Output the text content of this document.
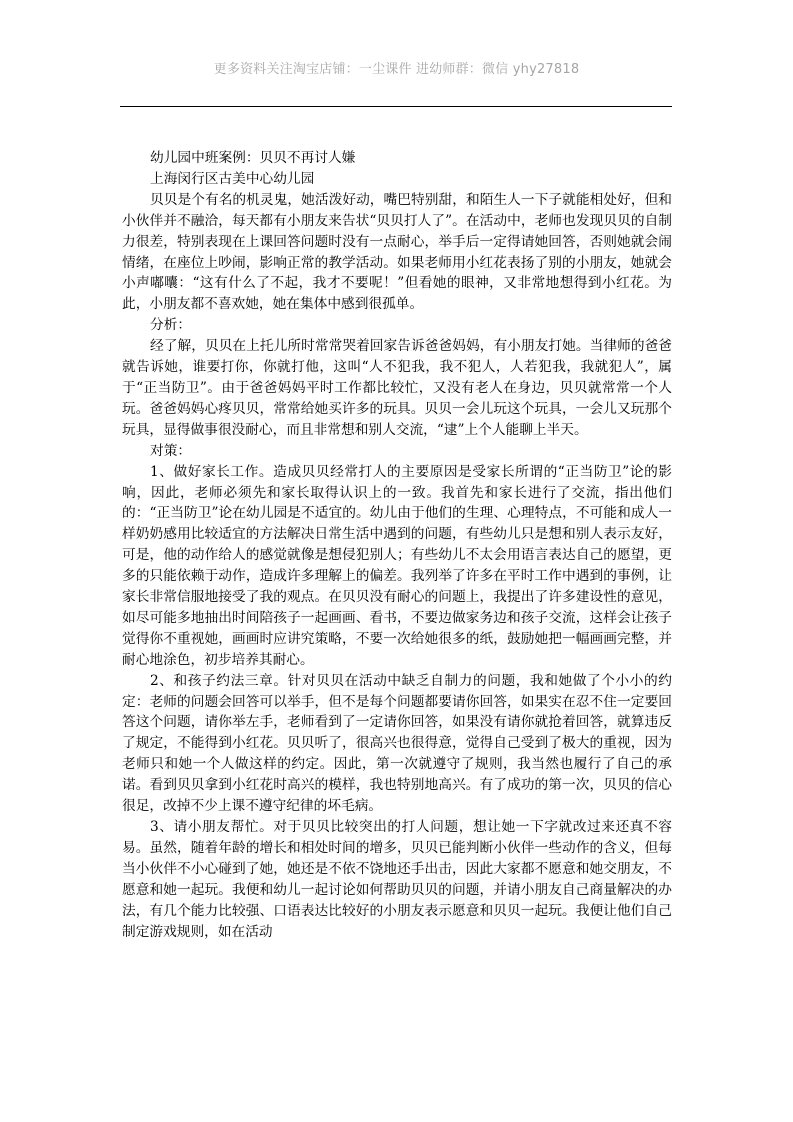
更多资料关注淘宝店铺：一尘课件 进幼师群：微信 yhy27818

幼儿园中班案例：贝贝不再讨人嫌

上海闵行区古美中心幼儿园

贝贝是个有名的机灵鬼，她活泼好动，嘴巴特别甜，和陌生人一下子就能相处好，但和小伙伴并不融洽，每天都有小朋友来告状“贝贝打人了”。在活动中，老师也发现贝贝的自制力很差，特别表现在上课回答问题时没有一点耐心，举手后一定得请她回答，否则她就会闹情绪，在座位上吵闹，影响正常的教学活动。如果老师用小红花表扬了别的小朋友，她就会小声嘟囔：“这有什么了不起，我才不要呢！”但看她的眼神，又非常地想得到小红花。为此，小朋友都不喜欢她，她在集体中感到很孤单。

分析：

经了解，贝贝在上托儿所时常常哭着回家告诉爸爸妈妈，有小朋友打她。当律师的爸爸就告诉她，谁要打你，你就打他，这叫“人不犯我，我不犯人，人若犯我，我就犯人”，属于“正当防卫”。由于爸爸妈妈平时工作都比较忙，又没有老人在身边，贝贝就常常一个人玩。爸爸妈妈心疼贝贝，常常给她买许多的玩具。贝贝一会儿玩这个玩具，一会儿又玩那个玩具，显得做事很没耐心，而且非常想和别人交流，“逮”上个人能聊上半天。

对策：

1、做好家长工作。造成贝贝经常打人的主要原因是受家长所谓的“正当防卫”论的影响，因此，老师必须先和家长取得认识上的一致。我首先和家长进行了交流，指出他们的：“正当防卫”论在幼儿园是不适宜的。幼儿由于他们的生理、心理特点，不可能和成人一样奶奶感用比较适宜的方法解决日常生活中遇到的问题，有些幼儿只是想和别人表示友好，可是，他的动作给人的感觉就像是想侵犯别人；有些幼儿不太会用语言表达自己的愿望，更多的只能依赖于动作，造成许多理解上的偏差。我列举了许多在平时工作中遇到的事例，让家长非常信服地接受了我的观点。在贝贝没有耐心的问题上，我提出了许多建设性的意见，如尽可能多地抽出时间陪孩子一起画画、看书，不要边做家务边和孩子交流，这样会让孩子觉得你不重视她，画画时应讲究策略，不要一次给她很多的纸，鼓励她把一幅画画完整，并耐心地涂色，初步培养其耐心。

2、和孩子约法三章。针对贝贝在活动中缺乏自制力的问题，我和她做了个小小的约定：老师的问题会回答可以举手，但不是每个问题都要请你回答，如果实在忍不住一定要回答这个问题，请你举左手，老师看到了一定请你回答，如果没有请你就抢着回答，就算违反了规定，不能得到小红花。贝贝听了，很高兴也很得意，觉得自己受到了极大的重视，因为老师只和她一个人做这样的约定。因此，第一次就遵守了规则，我当然也履行了自己的承诺。看到贝贝拿到小红花时高兴的模样，我也特别地高兴。有了成功的第一次，贝贝的信心很足，改掉不少上课不遵守纪律的坏毛病。

3、请小朋友帮忙。对于贝贝比较突出的打人问题，想让她一下字就改过来还真不容易。虽然，随着年龄的增长和相处时间的增多，贝贝已能判断小伙伴一些动作的含义，但每当小伙伴不小心碰到了她，她还是不依不饶地还手出击，因此大家都不愿意和她交朋友，不愿意和她一起玩。我便和幼儿一起讨论如何帮助贝贝的问题，并请小朋友自己商量解决的办法，有几个能力比较强、口语表达比较好的小朋友表示愿意和贝贝一起玩。我便让他们自己制定游戏规则，如在活动
